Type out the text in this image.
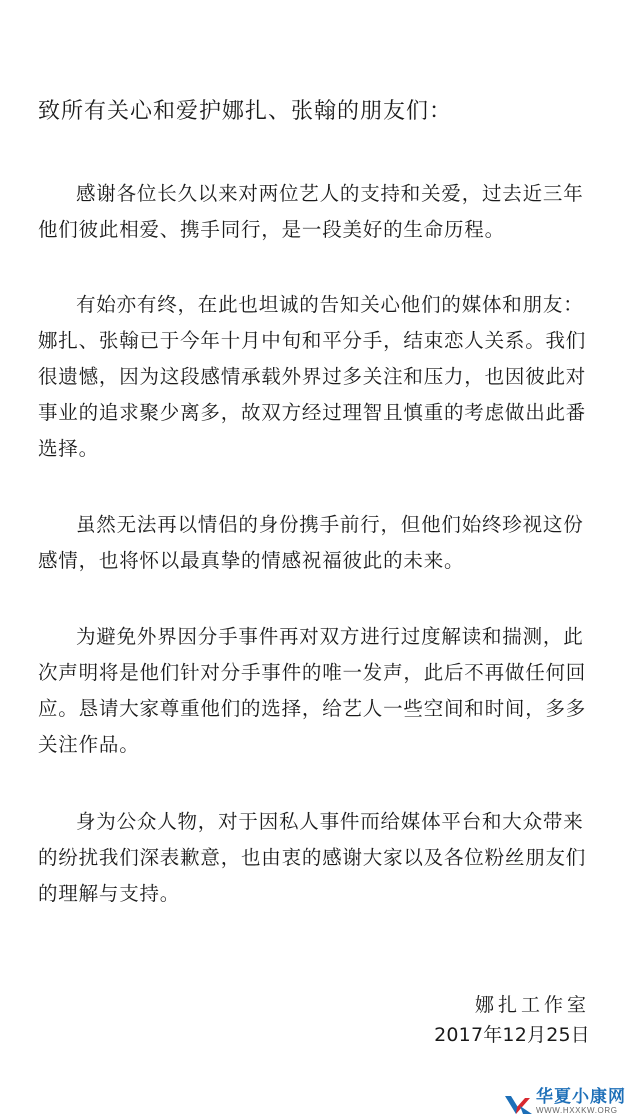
致所有关心和爱护娜扎、张翰的朋友们：
感谢各位长久以来对两位艺人的支持和关爱，过去近三年
他们彼此相爱、携手同行，是一段美好的生命历程。
有始亦有终，在此也坦诚的告知关心他们的媒体和朋友：
娜扎、张翰已于今年十月中旬和平分手，结束恋人关系。我们
很遗憾，因为这段感情承载外界过多关注和压力，也因彼此对
事业的追求聚少离多，故双方经过理智且慎重的考虑做出此番
选择。
虽然无法再以情侣的身份携手前行，但他们始终珍视这份
感情，也将怀以最真挚的情感祝福彼此的未来。
为避免外界因分手事件再对双方进行过度解读和揣测，此
次声明将是他们针对分手事件的唯一发声，此后不再做任何回
应。恳请大家尊重他们的选择，给艺人一些空间和时间，多多
关注作品。
身为公众人物，对于因私人事件而给媒体平台和大众带来
的纷扰我们深表歉意，也由衷的感谢大家以及各位粉丝朋友们
的理解与支持。
娜扎工作室
2017年12月25日
华夏小康网
WWW.HXXKW.ORG
